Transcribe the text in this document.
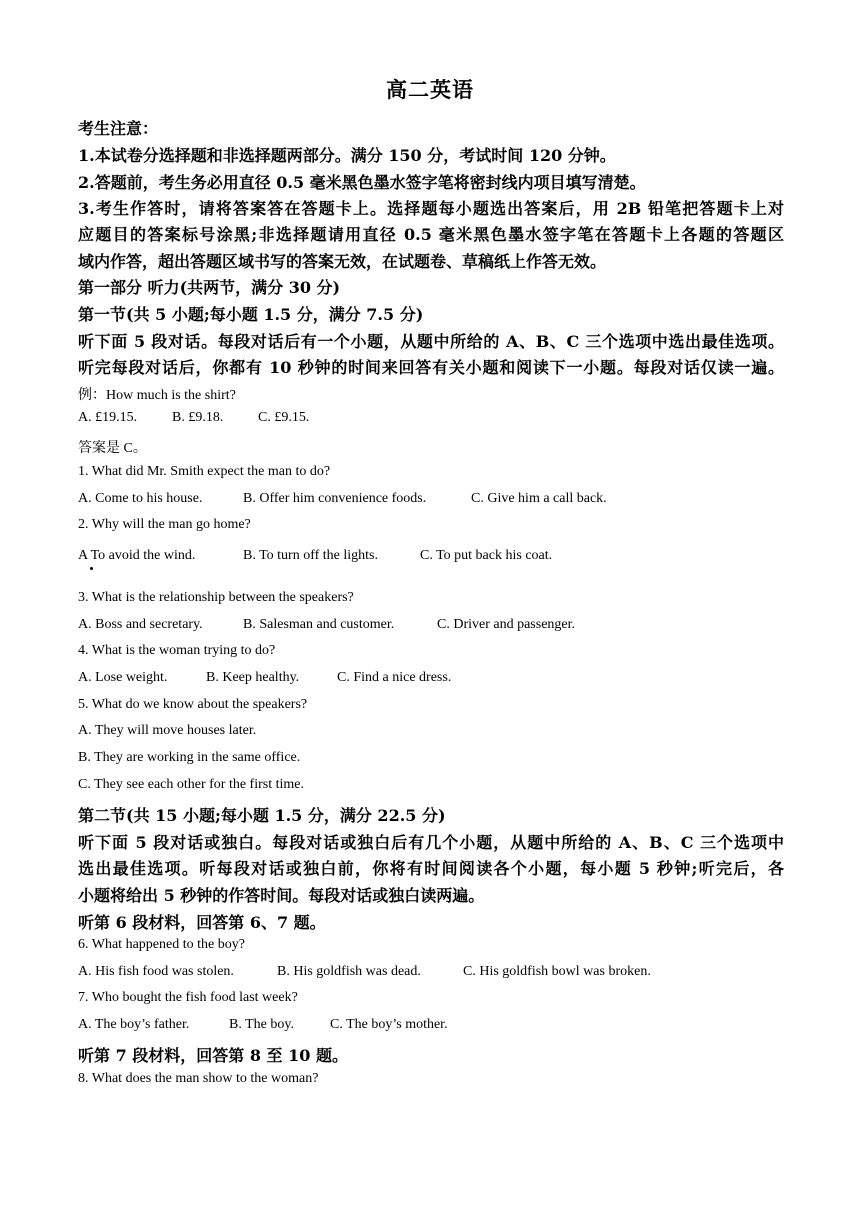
高二英语
考生注意：
1.本试卷分选择题和非选择题两部分。满分 150 分，考试时间 120 分钟。
2.答题前，考生务必用直径 0.5 毫米黑色墨水签字笔将密封线内项目填写清楚。
3.考生作答时，请将答案答在答题卡上。选择题每小题选出答案后，用 2B 铅笔把答题卡上对
应题目的答案标号涂黑;非选择题请用直径 0.5 毫米黑色墨水签字笔在答题卡上各题的答题区
域内作答，超出答题区域书写的答案无效，在试题卷、草稿纸上作答无效。
第一部分 听力(共两节，满分 30 分)
第一节(共 5 小题;每小题 1.5 分，满分 7.5 分)
听下面 5 段对话。每段对话后有一个小题，从题中所给的 A、B、C 三个选项中选出最佳选项。
听完每段对话后，你都有 10 秒钟的时间来回答有关小题和阅读下一小题。每段对话仅读一遍。
例：How much is the shirt?
A. £19.15. B. £9.18. C. £9.15.
答案是 C。
1. What did Mr. Smith expect the man to do?
A. Come to his house.	B. Offer him convenience foods.	C. Give him a call back.
2. Why will the man go home?
A To avoid the wind.	B. To turn off the lights.	C. To put back his coat.
3. What is the relationship between the speakers?
A. Boss and secretary.	B. Salesman and customer.	C. Driver and passenger.
4. What is the woman trying to do?
A. Lose weight.	B. Keep healthy.	C. Find a nice dress.
5. What do we know about the speakers?
A. They will move houses later.
B. They are working in the same office.
C. They see each other for the first time.
第二节(共 15 小题;每小题 1.5 分，满分 22.5 分)
听下面 5 段对话或独白。每段对话或独白后有几个小题，从题中所给的 A、B、C 三个选项中
选出最佳选项。听每段对话或独白前，你将有时间阅读各个小题，每小题 5 秒钟;听完后，各
小题将给出 5 秒钟的作答时间。每段对话或独白读两遍。
听第 6 段材料，回答第 6、7 题。
6. What happened to the boy?
A. His fish food was stolen.	B. His goldfish was dead.	C. His goldfish bowl was broken.
7. Who bought the fish food last week?
A. The boy’s father.	B. The boy.	C. The boy’s mother.
听第 7 段材料，回答第 8 至 10 题。
8. What does the man show to the woman?
